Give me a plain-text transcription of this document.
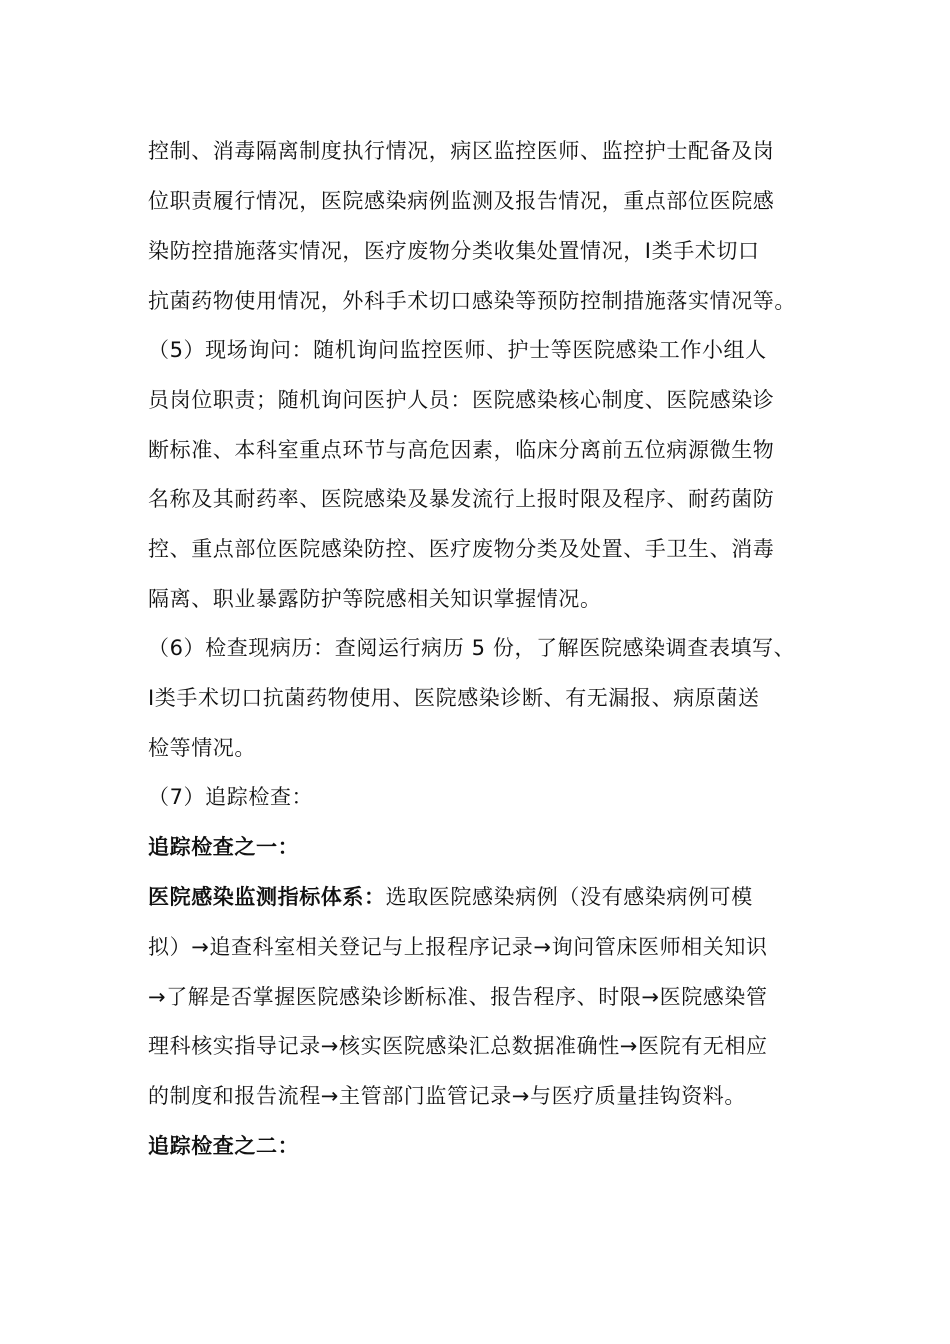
控制、消毒隔离制度执行情况，病区监控医师、监控护士配备及岗
位职责履行情况，医院感染病例监测及报告情况，重点部位医院感
染防控措施落实情况，医疗废物分类收集处置情况，Ⅰ类手术切口
抗菌药物使用情况，外科手术切口感染等预防控制措施落实情况等。
（5）现场询问：随机询问监控医师、护士等医院感染工作小组人
员岗位职责；随机询问医护人员：医院感染核心制度、医院感染诊
断标准、本科室重点环节与高危因素，临床分离前五位病源微生物
名称及其耐药率、医院感染及暴发流行上报时限及程序、耐药菌防
控、重点部位医院感染防控、医疗废物分类及处置、手卫生、消毒
隔离、职业暴露防护等院感相关知识掌握情况。
（6）检查现病历：查阅运行病历 5 份，了解医院感染调查表填写、
Ⅰ类手术切口抗菌药物使用、医院感染诊断、有无漏报、病原菌送
检等情况。
（7）追踪检查：
追踪检查之一：
医院感染监测指标体系：选取医院感染病例（没有感染病例可模
拟）→追查科室相关登记与上报程序记录→询问管床医师相关知识
→了解是否掌握医院感染诊断标准、报告程序、时限→医院感染管
理科核实指导记录→核实医院感染汇总数据准确性→医院有无相应
的制度和报告流程→主管部门监管记录→与医疗质量挂钩资料。
追踪检查之二：
